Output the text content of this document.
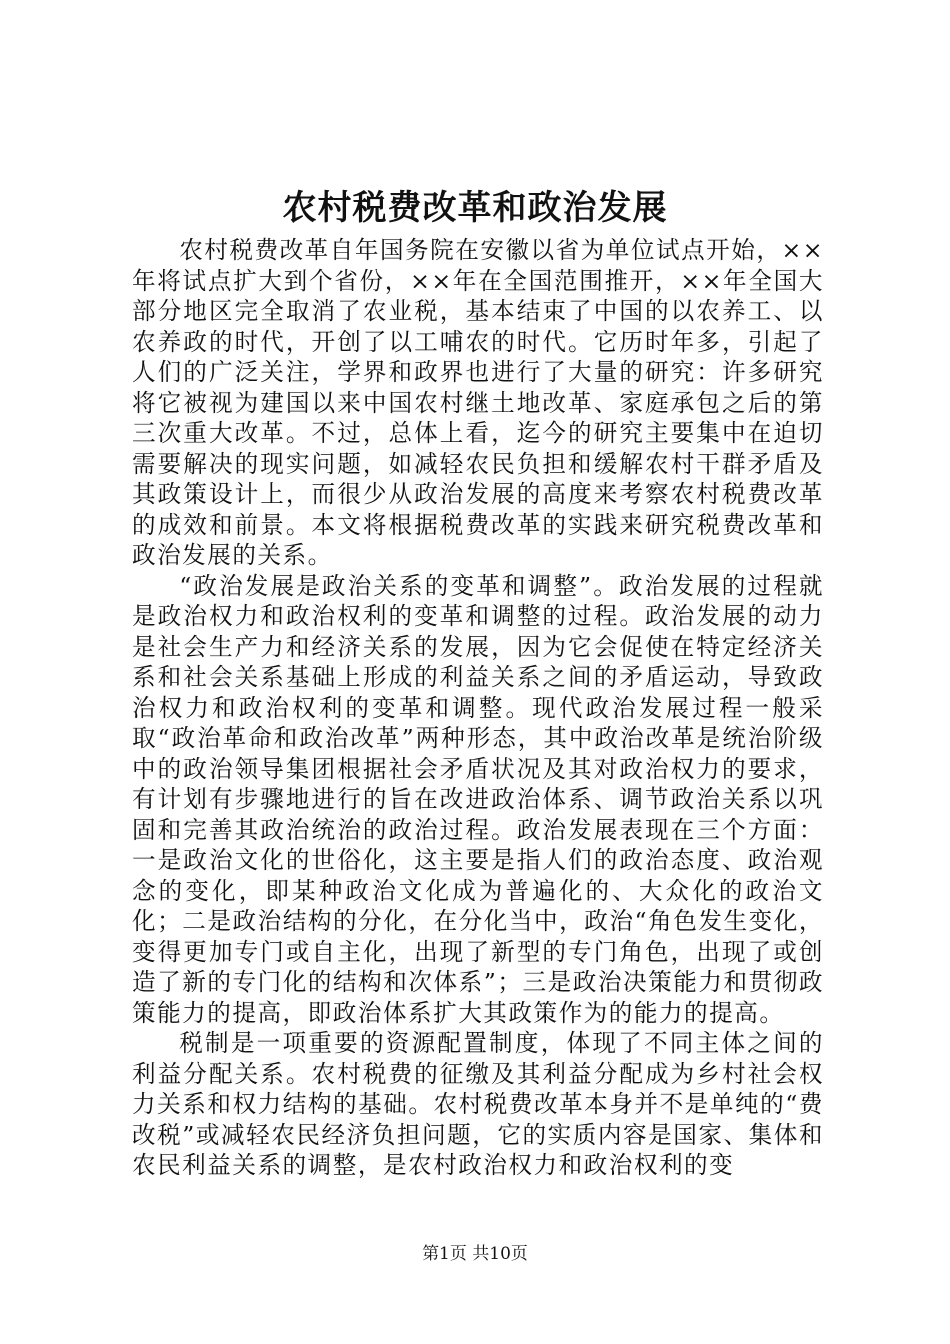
农村税费改革和政治发展

农村税费改革自年国务院在安徽以省为单位试点开始，××年将试点扩大到个省份，××年在全国范围推开，××年全国大部分地区完全取消了农业税，基本结束了中国的以农养工、以农养政的时代，开创了以工哺农的时代。它历时年多，引起了人们的广泛关注，学界和政界也进行了大量的研究：许多研究将它被视为建国以来中国农村继土地改革、家庭承包之后的第三次重大改革。不过，总体上看，迄今的研究主要集中在迫切需要解决的现实问题，如减轻农民负担和缓解农村干群矛盾及其政策设计上，而很少从政治发展的高度来考察农村税费改革的成效和前景。本文将根据税费改革的实践来研究税费改革和政治发展的关系。

“政治发展是政治关系的变革和调整”。政治发展的过程就是政治权力和政治权利的变革和调整的过程。政治发展的动力是社会生产力和经济关系的发展，因为它会促使在特定经济关系和社会关系基础上形成的利益关系之间的矛盾运动，导致政治权力和政治权利的变革和调整。现代政治发展过程一般采取“政治革命和政治改革”两种形态，其中政治改革是统治阶级中的政治领导集团根据社会矛盾状况及其对政治权力的要求，有计划有步骤地进行的旨在改进政治体系、调节政治关系以巩固和完善其政治统治的政治过程。政治发展表现在三个方面：一是政治文化的世俗化，这主要是指人们的政治态度、政治观念的变化，即某种政治文化成为普遍化的、大众化的政治文化；二是政治结构的分化，在分化当中，政治“角色发生变化，变得更加专门或自主化，出现了新型的专门角色，出现了或创造了新的专门化的结构和次体系”；三是政治决策能力和贯彻政策能力的提高，即政治体系扩大其政策作为的能力的提高。

税制是一项重要的资源配置制度，体现了不同主体之间的利益分配关系。农村税费的征缴及其利益分配成为乡村社会权力关系和权力结构的基础。农村税费改革本身并不是单纯的“费改税”或减轻农民经济负担问题，它的实质内容是国家、集体和农民利益关系的调整，是农村政治权力和政治权利的变

第1页 共10页
